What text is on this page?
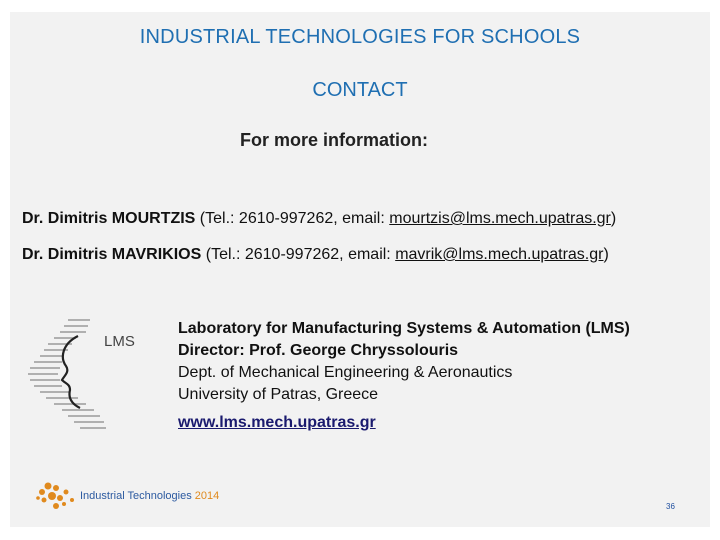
INDUSTRIAL TECHNOLOGIES FOR SCHOOLS
CONTACT
For more information:
Dr. Dimitris MOURTZIS (Tel.: 2610-997262, email: mourtzis@lms.mech.upatras.gr)
Dr. Dimitris MAVRIKIOS (Tel.: 2610-997262, email: mavrik@lms.mech.upatras.gr)
LMS
Laboratory for Manufacturing Systems & Automation (LMS)
Director: Prof. George Chryssolouris
Dept. of Mechanical Engineering & Aeronautics
University of Patras, Greece
www.lms.mech.upatras.gr
Industrial Technologies 2014
36
